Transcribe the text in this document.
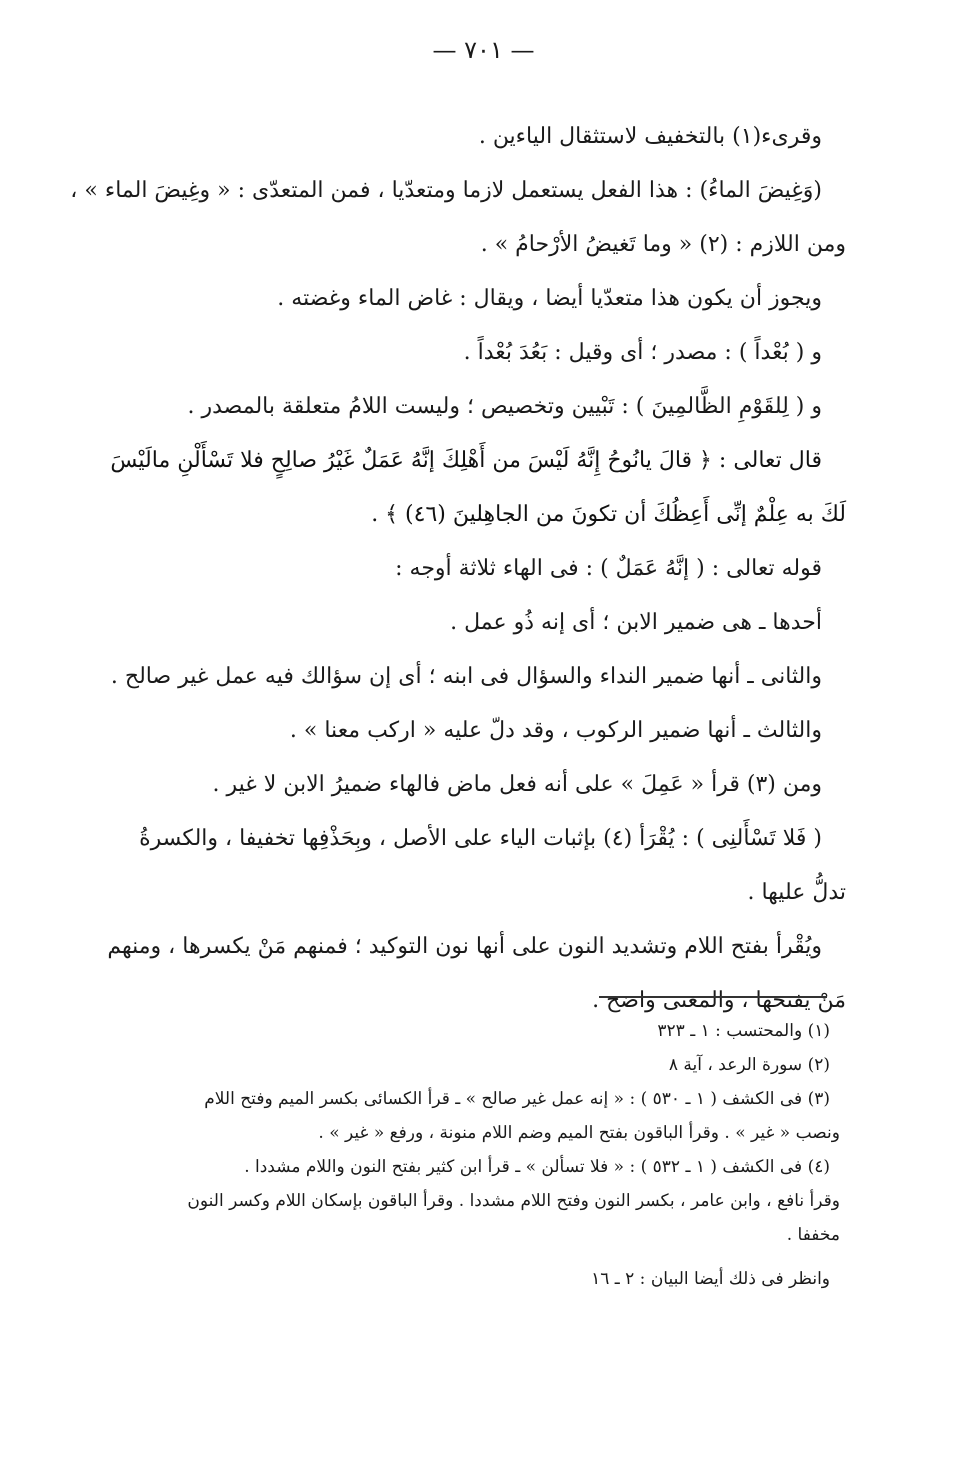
— ٧٠١ —

وقرىء(١) بالتخفيف لاستثقال الياءين .

(وَغِيضَ الماءُ) : هذا الفعل يستعمل لازما ومتعدّيا ، فمن المتعدّى : « وغِيضَ الماء » ،

ومن اللازم : (٢) « وما تَغيضُ الأرْحامُ » .

ويجوز أن يكون هذا متعدّيا أيضا ، ويقال : غاض الماء وغضته .

و ( بُعْداً ) : مصدر ؛ أى وقيل : بَعُدَ بُعْداً .

و ( لِلقَوْمِ الظَّالمِينَ ) : تَبْيين وتخصيص ؛ وليست اللامُ متعلقة بالمصدر .

قال تعالى : ﴿ قالَ يانُوحُ إِنَّهُ لَيْسَ من أَهْلِكَ إنَّهُ عَمَلٌ غَيْرُ صالِحٍ فلا تَسْأَلْنِ مالَيْسَ

لَكَ به عِلْمٌ إنِّى أَعِظُكَ أن تكونَ من الجاهِلينَ (٤٦) ﴾ .

قوله تعالى : ( إنَّهُ عَمَلٌ ) : فى الهاء ثلاثة أوجه :

أحدها ـ هى ضمير الابن ؛ أى إنه ذُو عمل .

والثانى ـ أنها ضمير النداء والسؤال فى ابنه ؛ أى إن سؤالك فيه عمل غير صالح .

والثالث ـ أنها ضمير الركوب ، وقد دلّ عليه « اركب معنا » .

ومن (٣) قرأ « عَمِلَ » على أنه فعل ماض فالهاء ضميرُ الابن لا غير .

( فَلا تَسْأَلنِى ) : يُقْرَأ (٤) بإثبات الياء على الأصل ، وبِحَذْفِها تخفيفا ، والكسرةُ

تدلُّ عليها .

ويُقْرأ بفتح اللام وتشديد النون على أنها نون التوكيد ؛ فمنهم مَنْ يكسرها ، ومنهم

مَنْ يفتحها ، والمعنى واضح .

(١) والمحتسب : ١ ـ ٣٢٣

(٢) سورة الرعد ، آية ٨

(٣) فى الكشف ( ١ ـ ٥٣٠ ) : « إنه عمل غير صالح » ـ قرأ الكسائى بكسر الميم وفتح اللام

ونصب « غير » . وقرأ الباقون بفتح الميم وضم اللام منونة ، ورفع « غير » .

(٤) فى الكشف ( ١ ـ ٥٣٢ ) : « فلا تسألن » ـ قرأ ابن كثير بفتح النون واللام مشددا .

وقرأ نافع ، وابن عامر ، بكسر النون وفتح اللام مشددا . وقرأ الباقون بإسكان اللام وكسر النون

مخففا .

وانظر فى ذلك أيضا البيان : ٢ ـ ١٦
